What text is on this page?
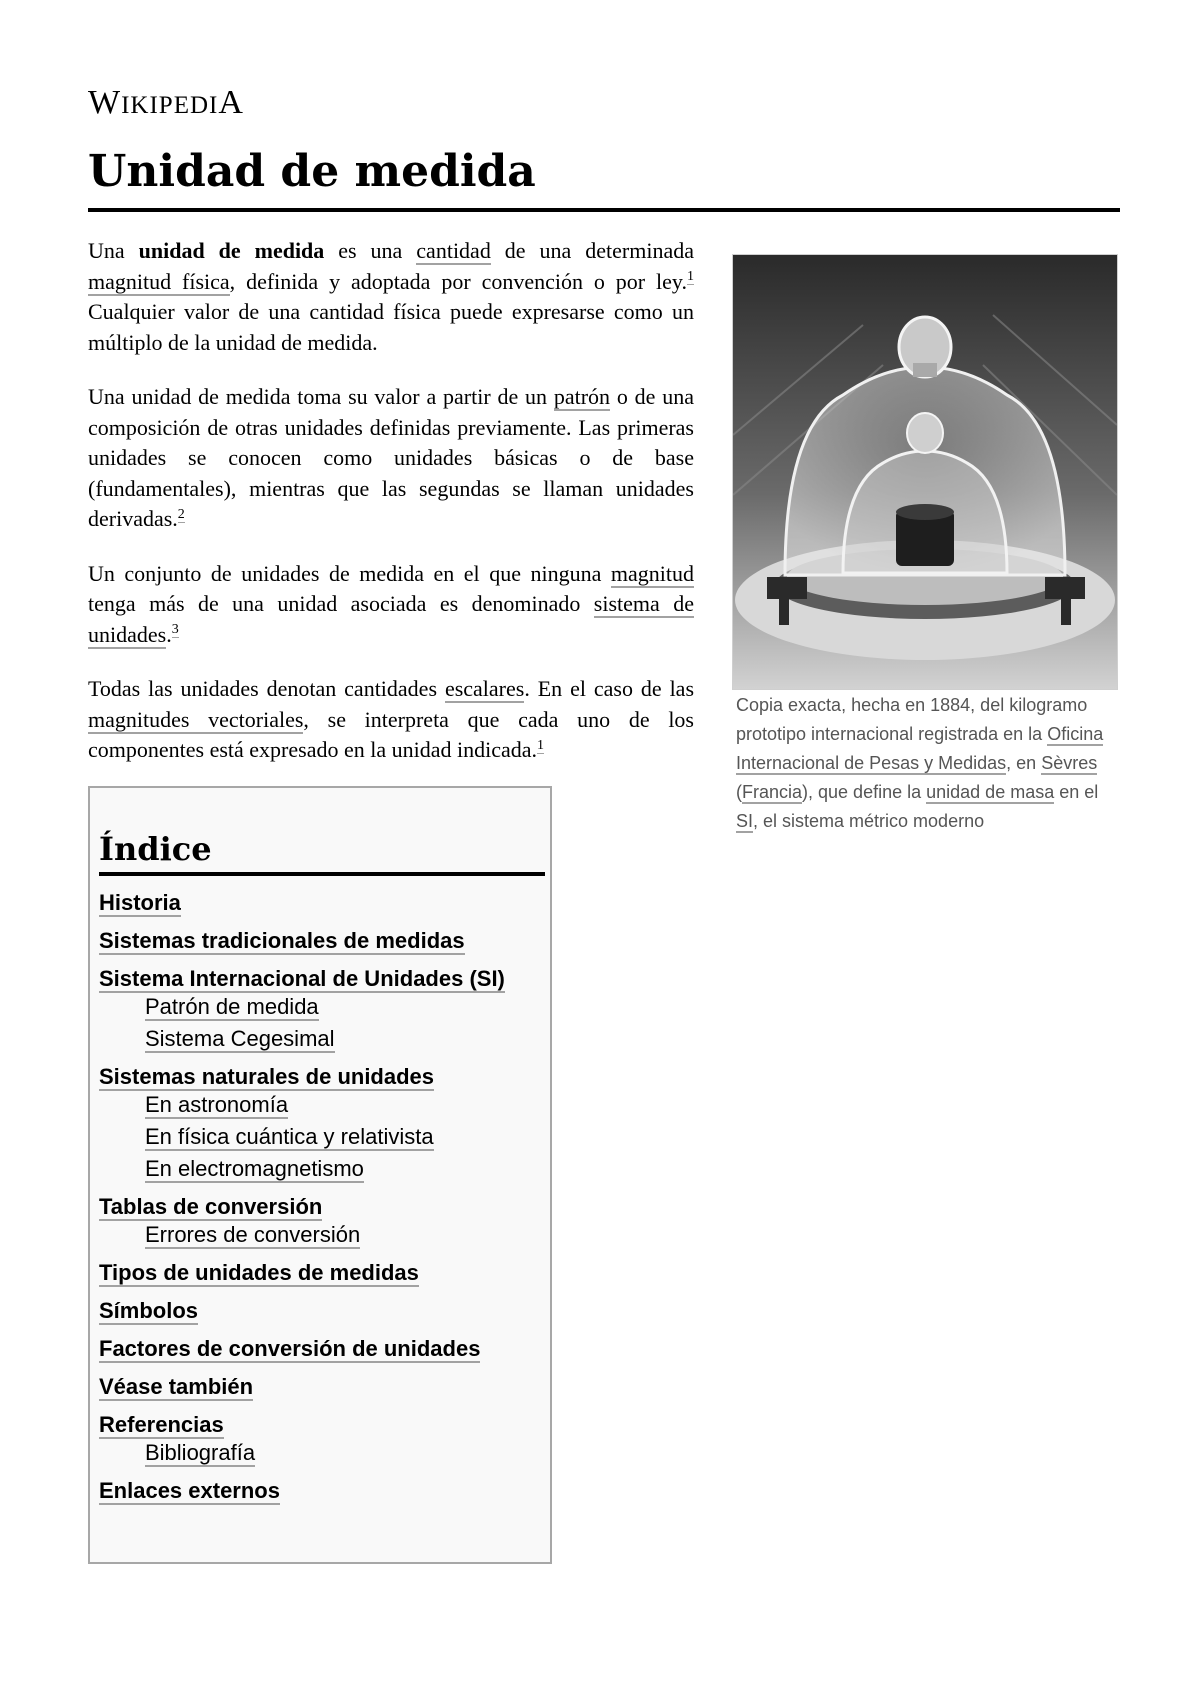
WIKIPEDIA
Unidad de medida

Una unidad de medida es una cantidad de una determinada magnitud física, definida y adoptada por convención o por ley.$^1$ Cualquier valor de una cantidad física puede expresarse como un múltiplo de la unidad de medida.

Una unidad de medida toma su valor a partir de un patrón o de una composición de otras unidades definidas previamente. Las primeras unidades se conocen como unidades básicas o de base (fundamentales), mientras que las segundas se llaman unidades derivadas.$^2$

Un conjunto de unidades de medida en el que ninguna magnitud tenga más de una unidad asociada es denominado sistema de unidades.$^3$

Todas las unidades denotan cantidades escalares. En el caso de las magnitudes vectoriales, se interpreta que cada uno de los componentes está expresado en la unidad indicada.$^1$

Copia exacta, hecha en 1884, del kilogramo prototipo internacional registrada en la Oficina Internacional de Pesas y Medidas, en Sèvres (Francia), que define la unidad de masa en el SI, el sistema métrico moderno
Índice
Historia
Sistemas tradicionales de medidas
Sistema Internacional de Unidades (SI)
Patrón de medida
Sistema Cegesimal
Sistemas naturales de unidades
En astronomía
En física cuántica y relativista
En electromagnetismo
Tablas de conversión
Errores de conversión
Tipos de unidades de medidas
Símbolos
Factores de conversión de unidades
Véase también
Referencias
Bibliografía
Enlaces externos
